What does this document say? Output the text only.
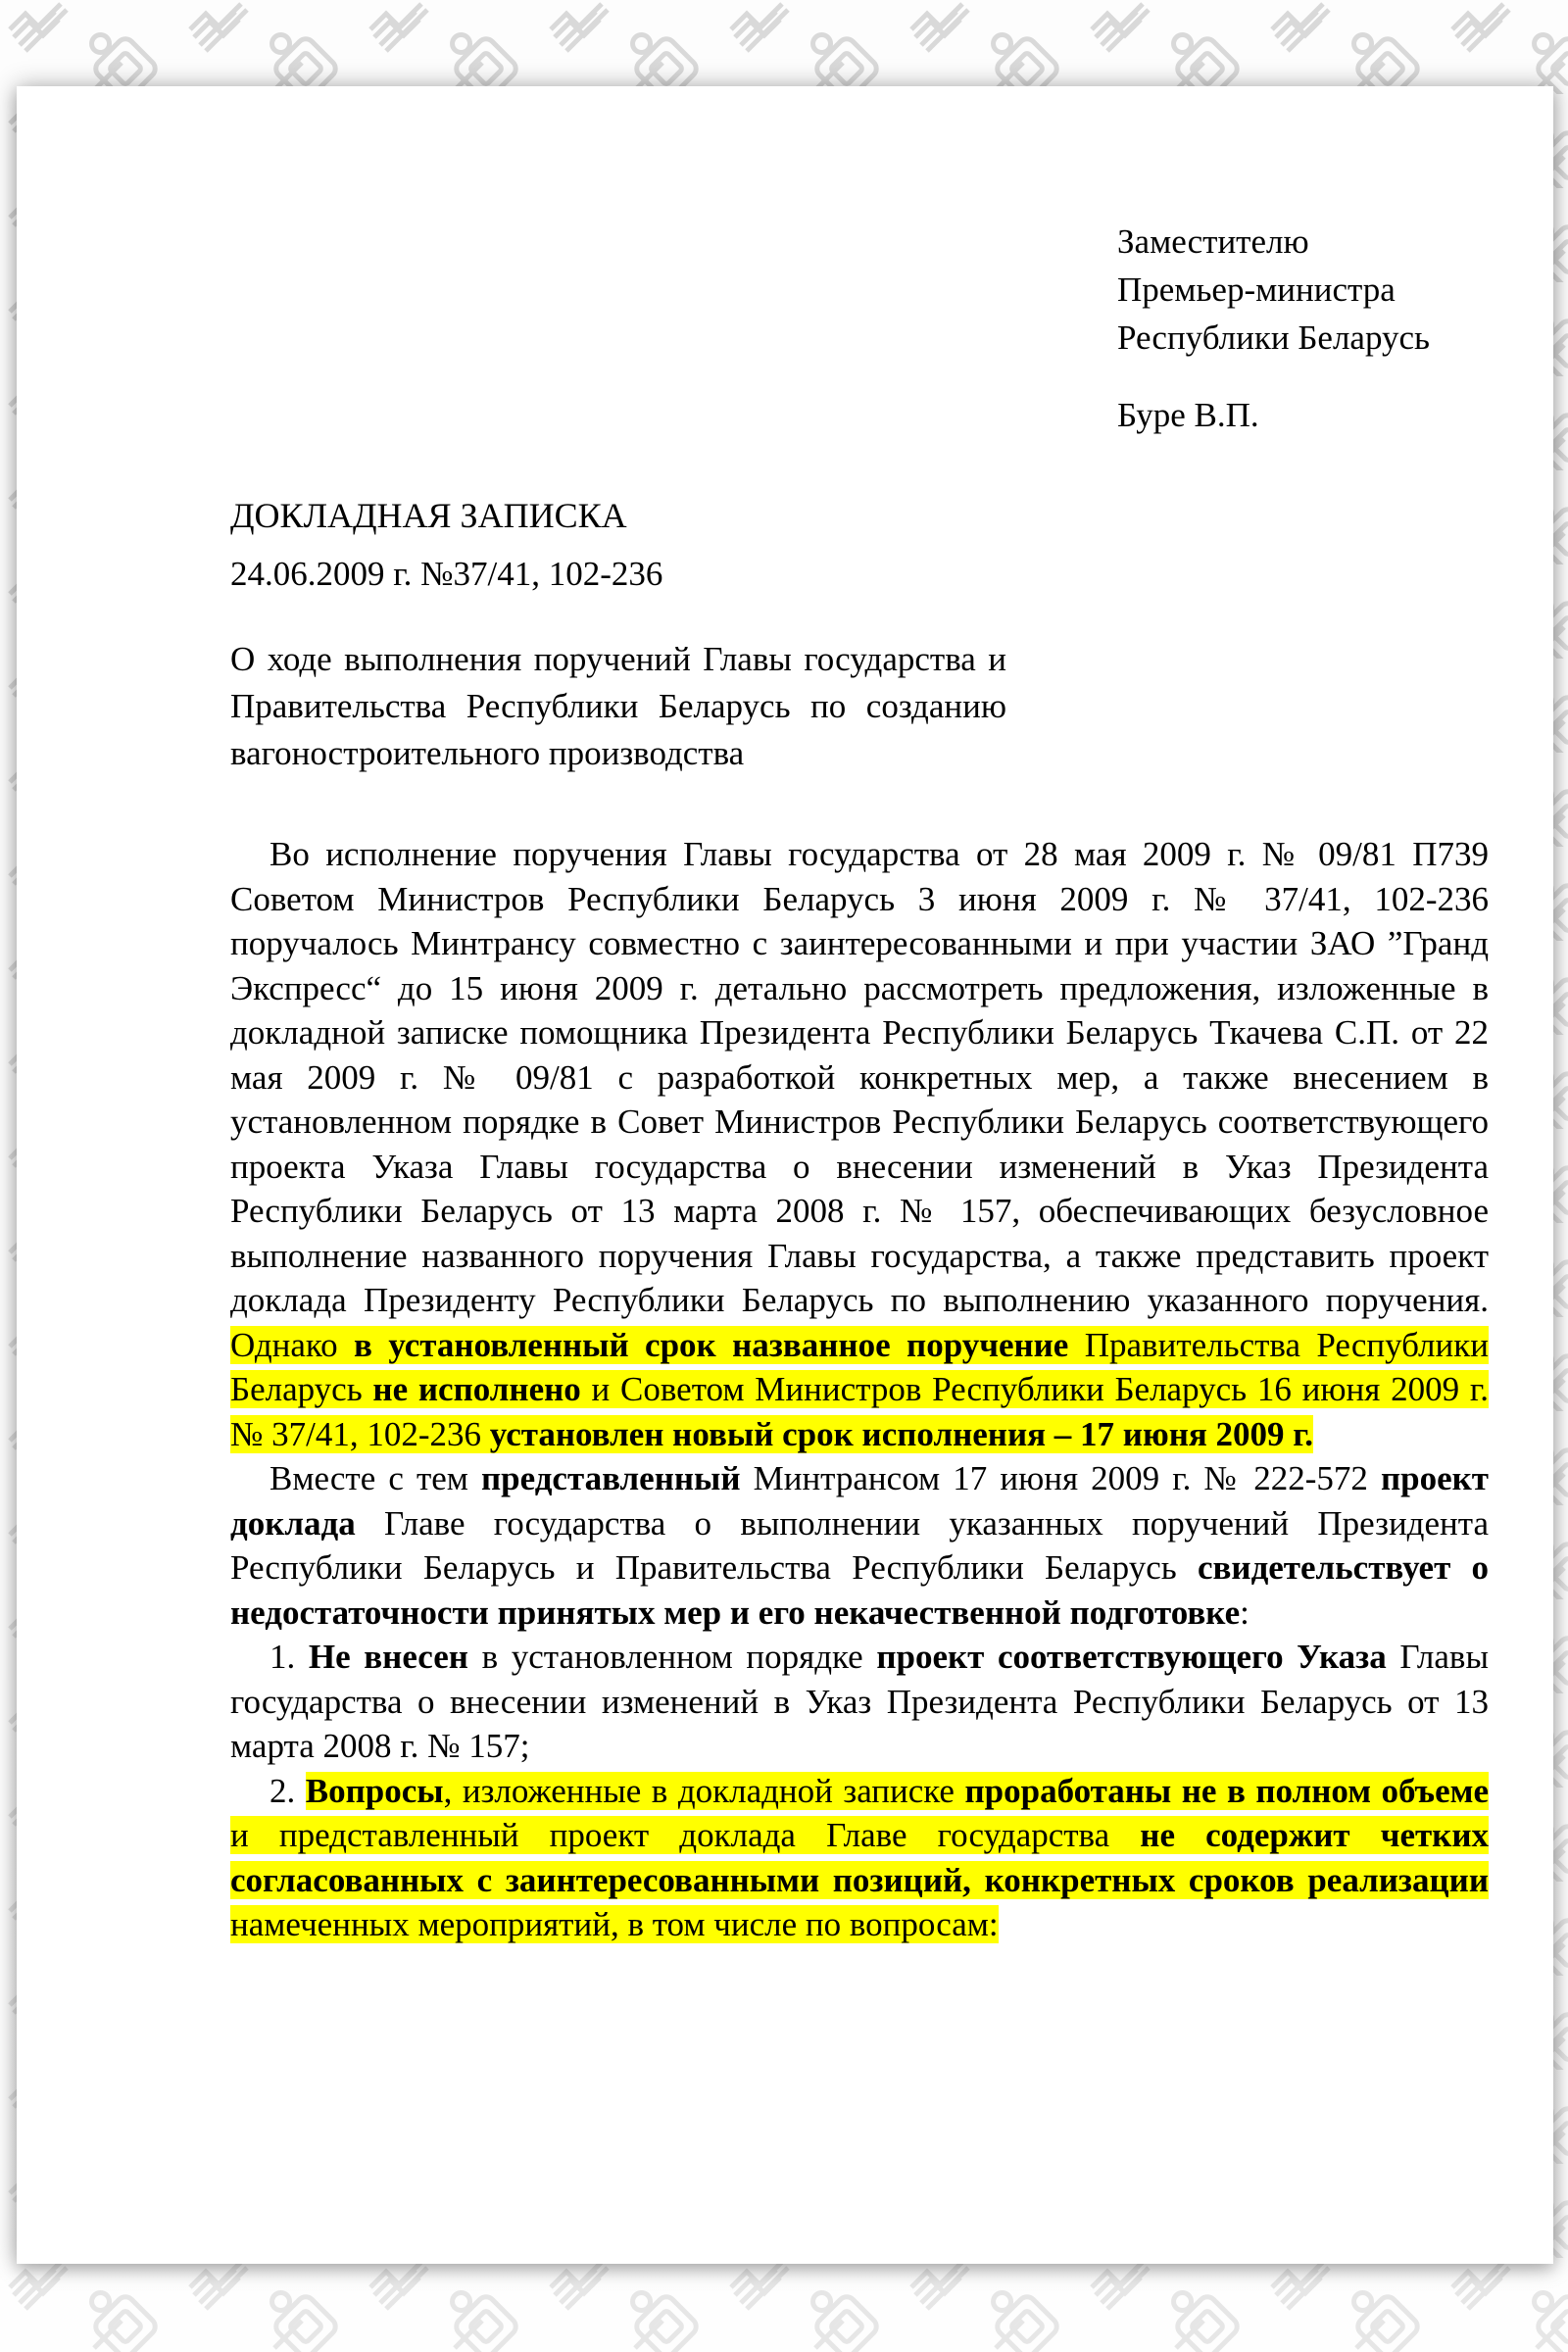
Заместителю
Премьер-министра
Республики Беларусь
Буре В.П.
ДОКЛАДНАЯ ЗАПИСКА
24.06.2009 г. №37/41, 102-236
О ходе выполнения поручений Главы государства и Правительства Республики Беларусь по созданию вагоностроительного производства

Во исполнение поручения Главы государства от 28 мая 2009 г. № 09/81 П739 Советом Министров Республики Беларусь 3 июня 2009 г. № 37/41, 102-236 поручалось Минтрансу совместно с заинтересованными и при участии ЗАО ”Гранд Экспресс“ до 15 июня 2009 г. детально рассмотреть предложения, изложенные в докладной записке помощника Президента Республики Беларусь Ткачева С.П. от 22 мая 2009 г. № 09/81 с разработкой конкретных мер, а также внесением в установленном порядке в Совет Министров Республики Беларусь соответствующего проекта Указа Главы государства о внесении изменений в Указ Президента Республики Беларусь от 13 марта 2008 г. № 157, обеспечивающих безусловное выполнение названного поручения Главы государства, а также представить проект доклада Президенту Республики Беларусь по выполнению указанного поручения. Однако в установленный срок названное поручение Правительства Республики Беларусь не исполнено и Советом Министров Республики Беларусь 16 июня 2009 г. № 37/41, 102-236 установлен новый срок исполнения – 17 июня 2009 г.

Вместе с тем представленный Минтрансом 17 июня 2009 г. № 222-572 проект доклада Главе государства о выполнении указанных поручений Президента Республики Беларусь и Правительства Республики Беларусь свидетельствует о недостаточности принятых мер и его некачественной подготовке:

1. Не внесен в установленном порядке проект соответствующего Указа Главы государства о внесении изменений в Указ Президента Республики Беларусь от 13 марта 2008 г. № 157;

2. Вопросы, изложенные в докладной записке проработаны не в полном объеме и представленный проект доклада Главе государства не содержит четких согласованных с заинтересованными позиций, конкретных сроков реализации намеченных мероприятий, в том числе по вопросам:
